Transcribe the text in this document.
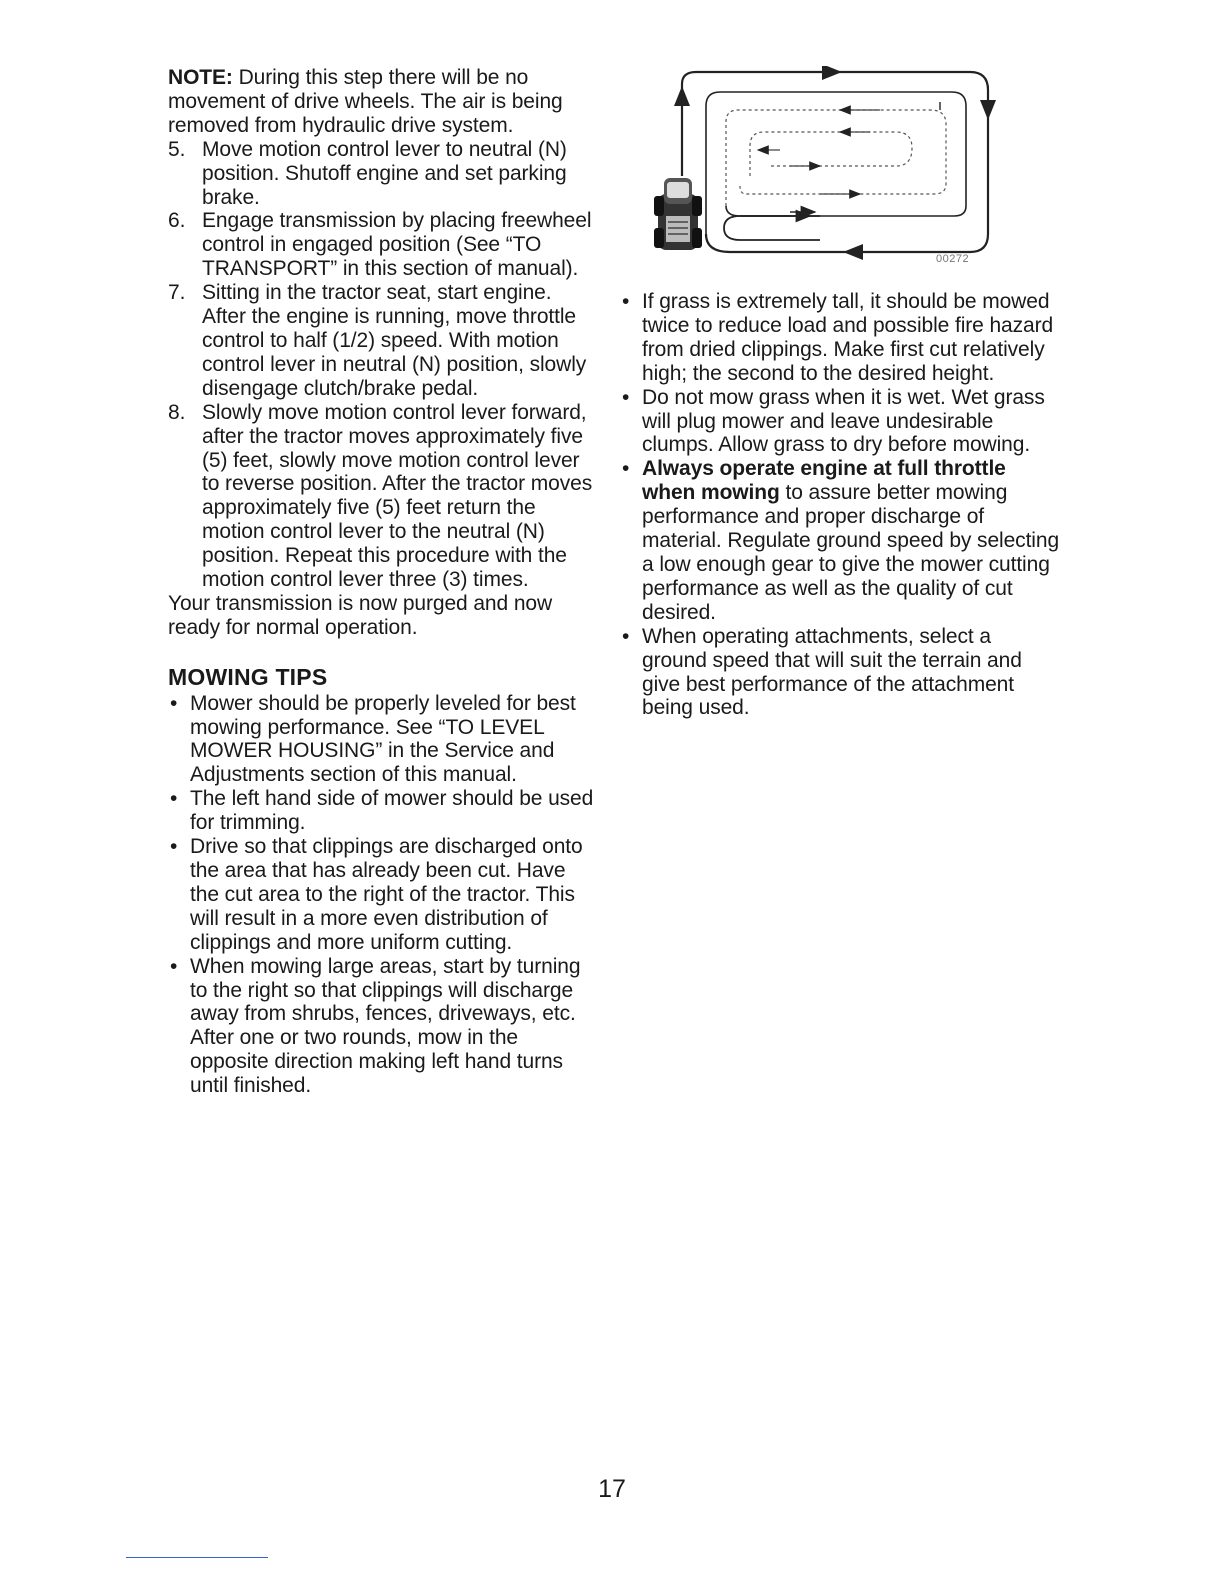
NOTE: During this step there will be no movement of drive wheels. The air is being removed from hydraulic drive system.

5. Move motion control lever to neutral (N) position. Shutoff engine and set parking brake.
6. Engage transmission by placing freewheel control in engaged position (See “TO TRANSPORT” in this section of manual).
7. Sitting in the tractor seat, start engine. After the engine is running, move throttle control to half (1/2) speed. With motion control lever in neutral (N) position, slowly disengage clutch/brake pedal.
8. Slowly move motion control lever forward, after the tractor moves approximately five (5) feet, slowly move motion control lever to reverse position. After the tractor moves approximately five (5) feet return the motion control lever to the neutral (N) position. Repeat this procedure with the motion control lever three (3) times.

Your transmission is now purged and now ready for normal operation.

MOWING TIPS
• Mower should be properly leveled for best mowing performance. See “TO LEVEL MOWER HOUSING” in the Service and Adjustments section of this manual.
• The left hand side of mower should be used for trimming.
• Drive so that clippings are discharged onto the area that has already been cut. Have the cut area to the right of the tractor. This will result in a more even distribution of clippings and more uniform cutting.
• When mowing large areas, start by turning to the right so that clippings will discharge away from shrubs, fences, driveways, etc. After one or two rounds, mow in the opposite direction making left hand turns until finished.
00272
• If grass is extremely tall, it should be mowed twice to reduce load and possible fire hazard from dried clippings. Make first cut relatively high; the second to the desired height.
• Do not mow grass when it is wet. Wet grass will plug mower and leave undesirable clumps. Allow grass to dry before mowing.
• Always operate engine at full throttle when mowing to assure better mowing performance and proper discharge of material. Regulate ground speed by selecting a low enough gear to give the mower cutting performance as well as the quality of cut desired.
• When operating attachments, select a ground speed that will suit the terrain and give best performance of the attachment being used.
17
